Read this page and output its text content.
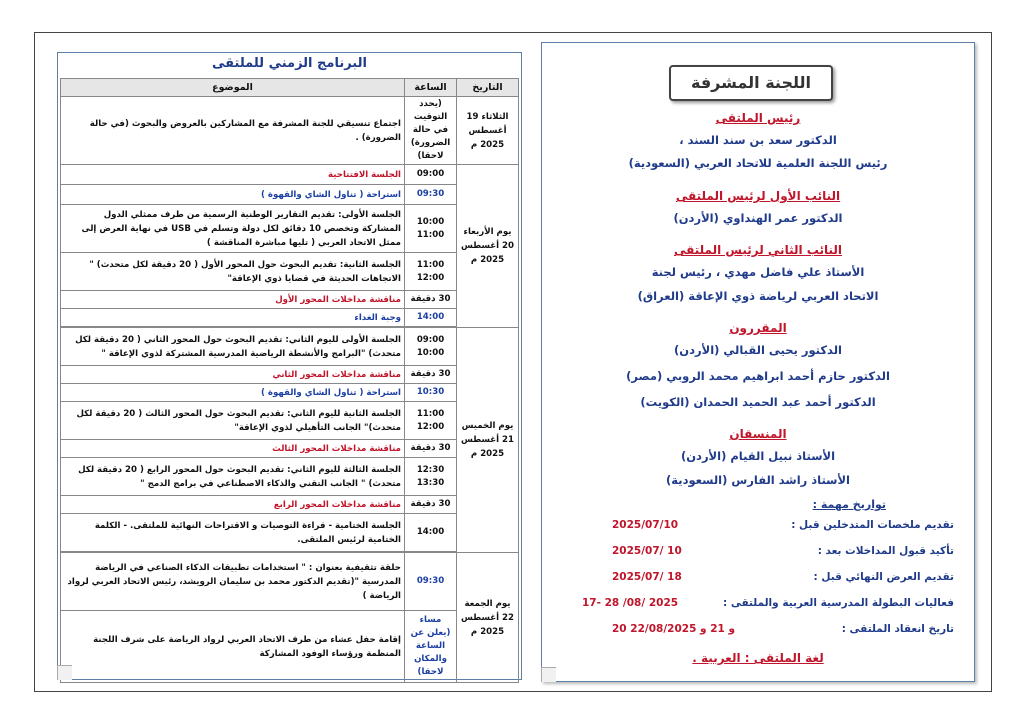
البرنامج الزمني للملتقى
التاريخ	الساعة	الموضوع
الثلاثاء 19 أغسطس 2025 م	(يحدد التوقيت في حالة الضرورة) لاحقا)	اجتماع تنسيقي للجنة المشرفة مع المشاركين بالعروض والبحوث (في حالة الضرورة) .
يوم الأربعاء 20 أغسطس 2025 م	09:00	الجلسة الافتتاحية
	09:30	استراحة ( تناول الشاي والقهوة )
	10:00 11:00	الجلسة الأولى: تقديم التقارير الوطنية الرسمية من طرف ممثلي الدول المشاركة وتخصص 10 دقائق لكل دولة وتسلم في USB في نهاية العرض إلى ممثل الاتحاد العربي ( تليها مباشرة المناقشة )
	11:00 12:00	الجلسة الثانية: تقديم البحوث حول المحور الأول ( 20 دقيقة لكل متحدث) " الاتجاهات الحديثة في قضايا ذوي الإعاقة"
	30 دقيقة	مناقشة مداخلات المحور الأول
	14:00	وجبة الغداء

يوم الخميس 21 أغسطس 2025 م	09:00 10:00	الجلسة الأولى لليوم الثاني: تقديم البحوث حول المحور الثاني ( 20 دقيقة لكل متحدث) "البرامج والأنشطة الرياضية المدرسية المشتركة لذوي الإعاقة "
	30 دقيقة	مناقشة مداخلات المحور الثاني
	10:30	استراحة ( تناول الشاي والقهوة )
	11:00 12:00	الجلسة الثانية لليوم الثاني: تقديم البحوث حول المحور الثالث ( 20 دقيقة لكل متحدث)" الجانب التأهيلي لذوي الإعاقة"
	30 دقيقة	مناقشة مداخلات المحور الثالث
	12:30 13:30	الجلسة الثالثة لليوم الثاني: تقديم البحوث حول المحور الرابع ( 20 دقيقة لكل متحدث) " الجانب التقني والذكاء الاصطناعي في برامج الدمج "
	30 دقيقة	مناقشة مداخلات المحور الرابع
	14:00	الجلسة الختامية - قراءة التوصيات و الاقتراحات النهائية للملتقى. - الكلمة الختامية لرئيس الملتقى.

يوم الجمعة 22 أغسطس 2025 م	09:30	حلقة تثقيفية بعنوان : " استخدامات تطبيقات الذكاء الصناعي في الرياضة المدرسية "(تقديم الدكتور محمد بن سليمان الرويشد، رئيس الاتحاد العربي لرواد الرياضة )
	مساء (يعلن عن الساعة والمكان لاحقا)	إقامة حفل عشاء من طرف الاتحاد العربي لرواد الرياضة على شرف اللجنة المنظمة ورؤساء الوفود المشاركة
اللجنة المشرفة
رئيس الملتقى
الدكتور سعد بن سند السند ،
رئيس اللجنة العلمية للاتحاد العربي (السعودية)
النائب الأول لرئيس الملتقى
الدكتور عمر الهنداوي (الأردن)
النائب الثاني لرئيس الملتقى
الأستاذ علي فاضل مهدي ، رئيس لجنة
الاتحاد العربي لرياضة ذوي الإعاقة (العراق)
المقررون
الدكتور يحيى القبالي (الأردن)
الدكتور حازم أحمد ابراهيم محمد الروبي (مصر)
الدكتور أحمد عبد الحميد الحمدان (الكويت)
المنسقان
الأستاذ نبيل القيام (الأردن)
الأستاذ راشد الفارس (السعودية)
تواريخ مهمة :
تقديم ملخصات المتدخلين قبل :
2025/07/10
تأكيد قبول المداخلات بعد :
2025/07/ 10
تقديم العرض النهائي قبل :
2025/07/ 18
فعاليات البطولة المدرسية العربية والملتقى :
17- 28 /08/ 2025
تاريخ انعقاد الملتقى :
20 و 21 و 22/08/2025
لغة الملتقى : العربية .
